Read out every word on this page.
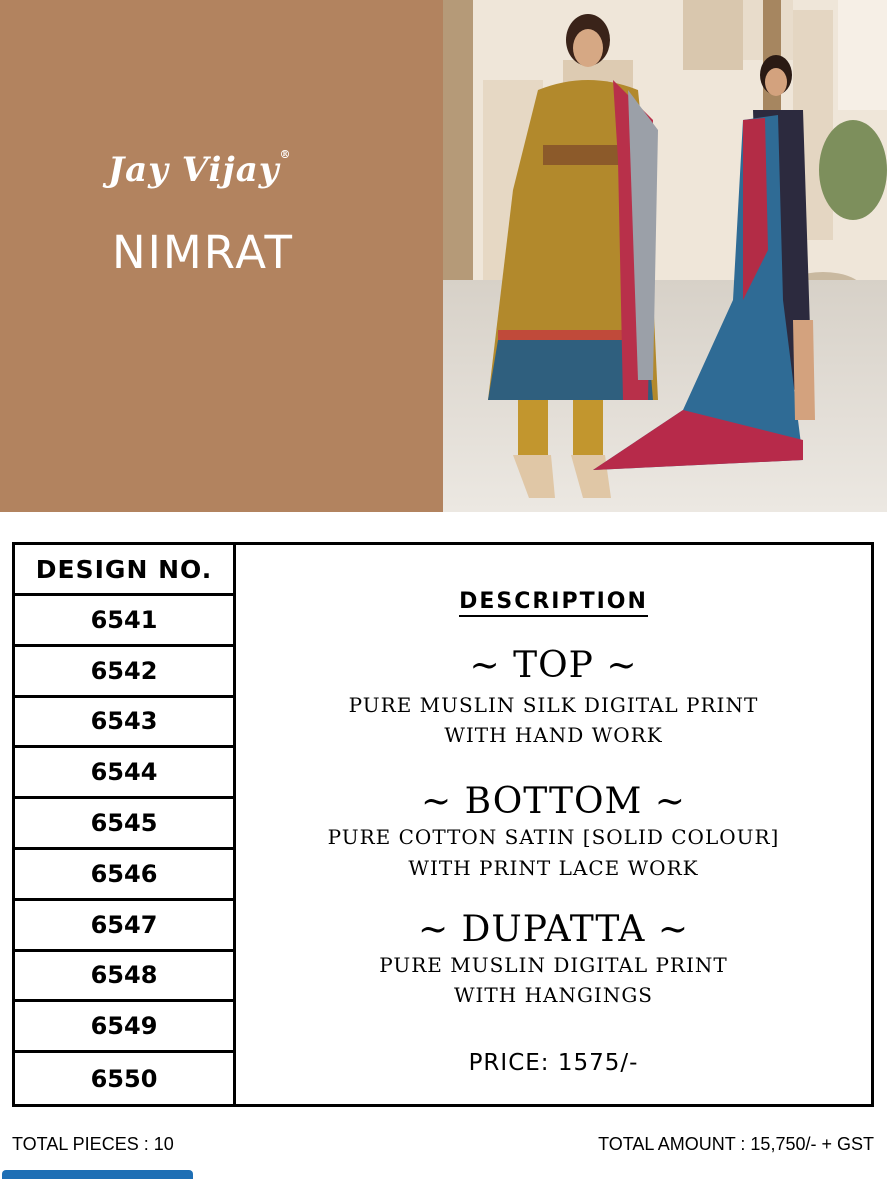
Jay Vijay®
NIMRAT
DESIGN NO.
6541
6542
6543
6544
6545
6546
6547
6548
6549
6550
DESCRIPTION
~ TOP ~
PURE MUSLIN SILK DIGITAL PRINT
WITH HAND WORK
~ BOTTOM ~
PURE COTTON SATIN [SOLID COLOUR]
WITH PRINT LACE WORK
~ DUPATTA ~
PURE MUSLIN DIGITAL PRINT
WITH HANGINGS
PRICE: 1575/-
TOTAL PIECES : 10	TOTAL AMOUNT : 15,750/- + GST
